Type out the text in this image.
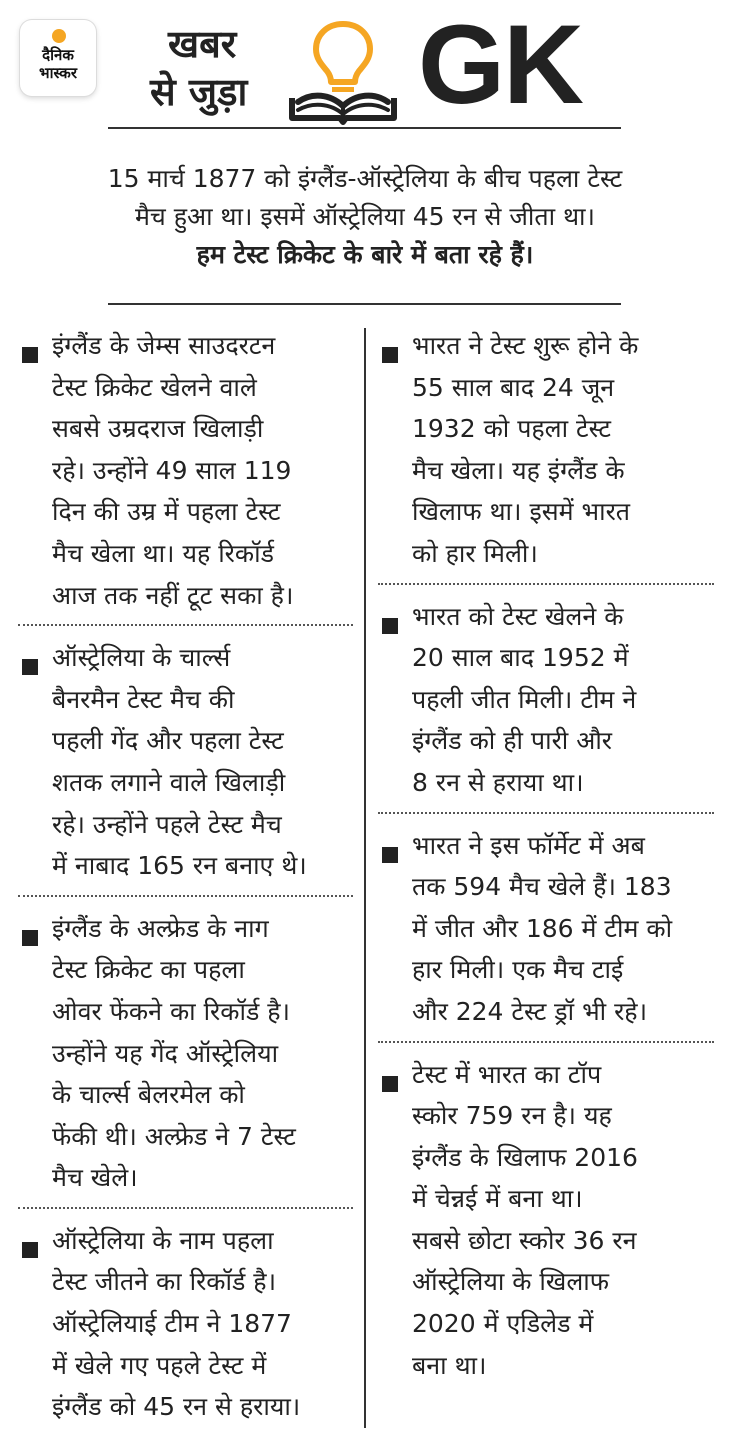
दैनिक
भास्कर
खबर
से जुड़ा GK
15 मार्च 1877 को इंग्लैंड-ऑस्ट्रेलिया के बीच पहला टेस्ट
मैच हुआ था। इसमें ऑस्ट्रेलिया 45 रन से जीता था।
हम टेस्ट क्रिकेट के बारे में बता रहे हैं।

इंग्लैंड के जेम्स साउदरटन
टेस्ट क्रिकेट खेलने वाले
सबसे उम्रदराज खिलाड़ी
रहे। उन्होंने 49 साल 119
दिन की उम्र में पहला टेस्ट
मैच खेला था। यह रिकॉर्ड
आज तक नहीं टूट सका है।

ऑस्ट्रेलिया के चार्ल्स
बैनरमैन टेस्ट मैच की
पहली गेंद और पहला टेस्ट
शतक लगाने वाले खिलाड़ी
रहे। उन्होंने पहले टेस्ट मैच
में नाबाद 165 रन बनाए थे।

इंग्लैंड के अल्फ्रेड के नाग
टेस्ट क्रिकेट का पहला
ओवर फेंकने का रिकॉर्ड है।
उन्होंने यह गेंद ऑस्ट्रेलिया
के चार्ल्स बेलरमेल को
फेंकी थी। अल्फ्रेड ने 7 टेस्ट
मैच खेले।

ऑस्ट्रेलिया के नाम पहला
टेस्ट जीतने का रिकॉर्ड है।
ऑस्ट्रेलियाई टीम ने 1877
में खेले गए पहले टेस्ट में
इंग्लैंड को 45 रन से हराया।

भारत ने टेस्ट शुरू होने के
55 साल बाद 24 जून
1932 को पहला टेस्ट
मैच खेला। यह इंग्लैंड के
खिलाफ था। इसमें भारत
को हार मिली।

भारत को टेस्ट खेलने के
20 साल बाद 1952 में
पहली जीत मिली। टीम ने
इंग्लैंड को ही पारी और
8 रन से हराया था।

भारत ने इस फॉर्मेट में अब
तक 594 मैच खेले हैं। 183
में जीत और 186 में टीम को
हार मिली। एक मैच टाई
और 224 टेस्ट ड्रॉ भी रहे।

टेस्ट में भारत का टॉप
स्कोर 759 रन है। यह
इंग्लैंड के खिलाफ 2016
में चेन्नई में बना था।
सबसे छोटा स्कोर 36 रन
ऑस्ट्रेलिया के खिलाफ
2020 में एडिलेड में
बना था।
